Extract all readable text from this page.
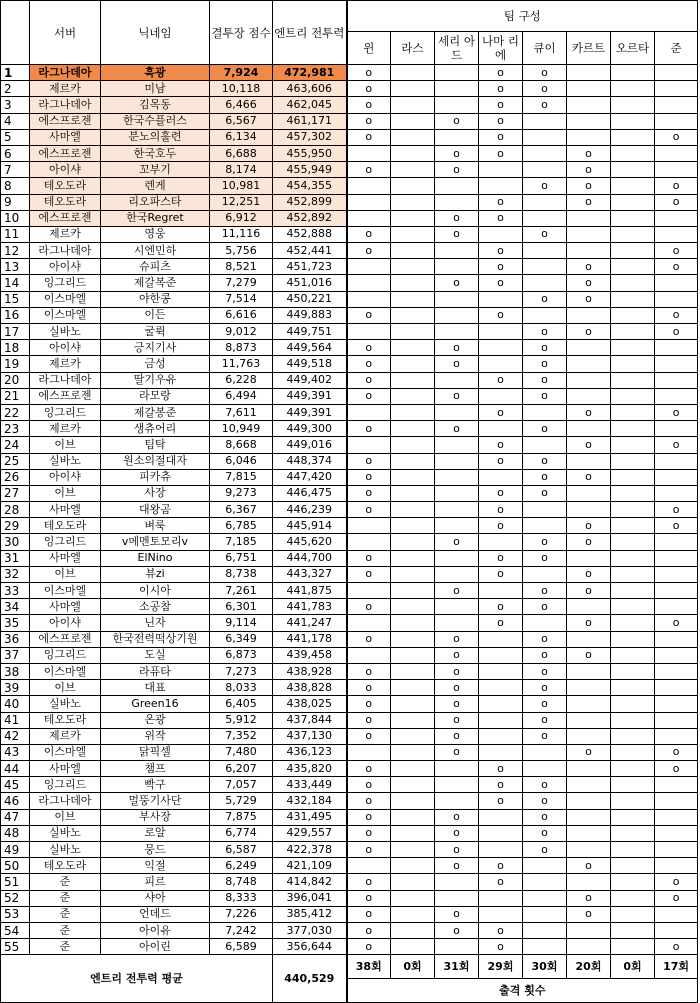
	서버	닉네임	결투장 점수	엔트리 전투력	팀 구성							
					윈	라스	세리 아드	나마 리에	큐이	카르트	오르타	준
1	라그나데아	흑광	7,924	472,981	o			o	o			
2	제르카	미남	10,118	463,606	o			o	o			
3	라그나데아	김목동	6,466	462,045	o			o	o			
4	에스프로젠	한국수플러스	6,567	461,171	o		o	o				
5	사마엘	분노의훌련	6,134	457,302	o			o				o
6	에스프로젠	한국호두	6,688	455,950			o	o		o		
7	아이샤	꼬부기	8,174	455,949	o		o			o		
8	테오도라	렌게	10,981	454,355					o	o		o
9	테오도라	리오파스타	12,251	452,899				o		o		o
10	에스프로젠	한국Regret	6,912	452,892			o	o				
11	제르카	영웅	11,116	452,888	o		o		o			
12	라그나데아	시엔민하	5,756	452,441	o			o				o
13	아이샤	슈피츠	8,521	451,723				o		o		o
14	잉그리드	제갈복준	7,279	451,016			o	o		o		
15	이스마엘	야한콩	7,514	450,221					o	o		
16	이스마엘	이든	6,616	449,883	o			o				o
17	실바노	굴뤽	9,012	449,751					o	o		o
18	아이샤	긍지기사	8,873	449,564	o		o		o			
19	제르카	금성	11,763	449,518	o		o		o			
20	라그나데아	딸기우유	6,228	449,402	o			o	o			
21	에스프로젠	라모랑	6,494	449,391	o		o		o			
22	잉그리드	제갈봉준	7,611	449,391				o		o		o
23	제르카	생츄어리	10,949	449,300	o		o		o			
24	이브	팀탁	8,668	449,016				o		o		o
25	실바노	원소의절대자	6,046	448,374	o			o	o			
26	아이샤	피카츄	7,815	447,420	o				o	o		
27	이브	사장	9,273	446,475	o			o	o			
28	사마엘	대왕곰	6,367	446,239	o			o				o
29	테오도라	벼룩	6,785	445,914				o		o		o
30	잉그리드	v메멘토모리v	7,185	445,620			o		o	o		
31	사마엘	ElNino	6,751	444,700	o			o	o			
32	이브	뷰zi	8,738	443,327	o			o		o		
33	이스마엘	이시아	7,261	441,875			o		o	o		
34	사마엘	소공참	6,301	441,783	o			o	o			
35	아이샤	닌자	9,114	441,247				o		o		o
36	에스프로젠	한국전력떡상기원	6,349	441,178	o		o		o			
37	잉그리드	도실	6,873	439,458			o		o	o		
38	이스마엘	라퓨타	7,273	438,928	o		o		o			
39	이브	대표	8,033	438,828	o		o		o			
40	실바노	Green16	6,405	438,025	o		o		o			
41	테오도라	온광	5,912	437,844	o		o		o			
42	제르카	위작	7,352	437,130	o		o		o			
43	이스마엘	닭픽셀	7,480	436,123			o			o		o
44	사마엘	챔프	6,207	435,820	o			o				o
45	잉그리드	빡구	7,057	433,449	o			o	o			
46	라그나데아	멀뚱기사단	5,729	432,184	o			o	o			
47	이브	부사장	7,875	431,495	o		o		o			
48	실바노	로알	6,774	429,557	o		o		o			
49	실바노	뭉드	6,587	422,378	o		o		o			
50	테오도라	익절	6,249	421,109			o	o		o		
51	준	피르	8,748	414,842	o			o				o
52	준	샤아	8,333	396,041	o					o		o
53	준	언데드	7,226	385,412	o		o			o		
54	준	아이유	7,242	377,030	o		o	o				
55	준	아이린	6,589	356,644	o			o				o
엔트리 전투력 평균				440,529	38회	0회	31회	29회	30회	20회	0회	17회
					출격 횟수							
